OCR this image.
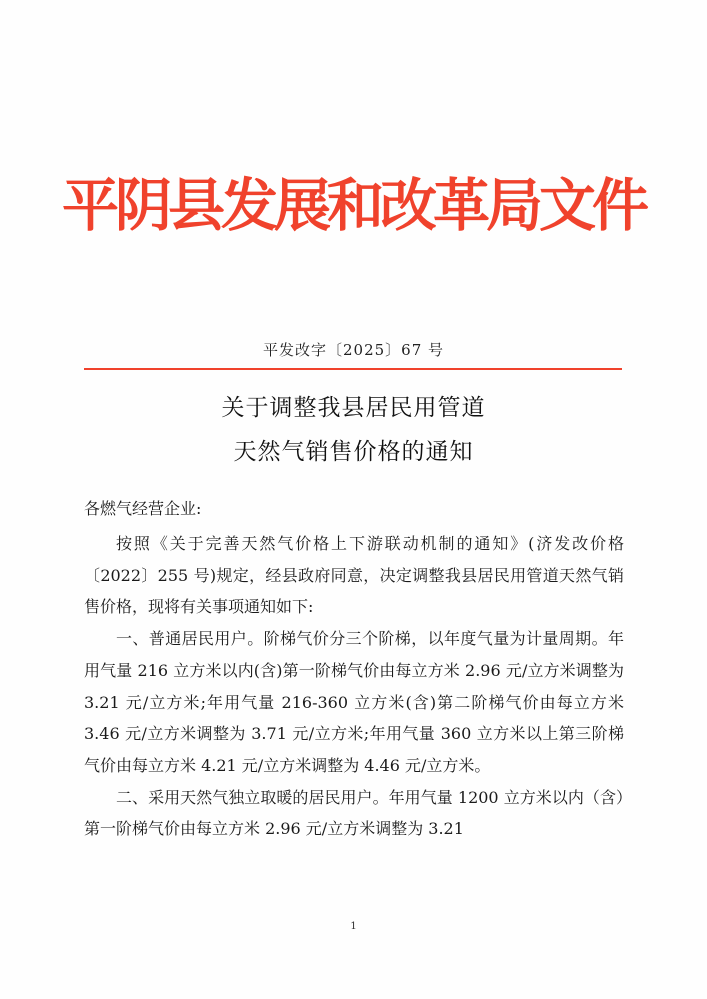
平阴县发展和改革局文件
平发改字〔2025〕67 号
关于调整我县居民用管道
天然气销售价格的通知
各燃气经营企业:

按照《关于完善天然气价格上下游联动机制的通知》(济发改价格〔2022〕255 号)规定，经县政府同意，决定调整我县居民用管道天然气销售价格，现将有关事项通知如下:

一、普通居民用户。阶梯气价分三个阶梯，以年度气量为计量周期。年用气量 216 立方米以内(含)第一阶梯气价由每立方米 2.96 元/立方米调整为 3.21 元/立方米;年用气量 216-360 立方米(含)第二阶梯气价由每立方米 3.46 元/立方米调整为 3.71 元/立方米;年用气量 360 立方米以上第三阶梯气价由每立方米 4.21 元/立方米调整为 4.46 元/立方米。

二、采用天然气独立取暖的居民用户。年用气量 1200 立方米以内（含）第一阶梯气价由每立方米 2.96 元/立方米调整为 3.21

1
